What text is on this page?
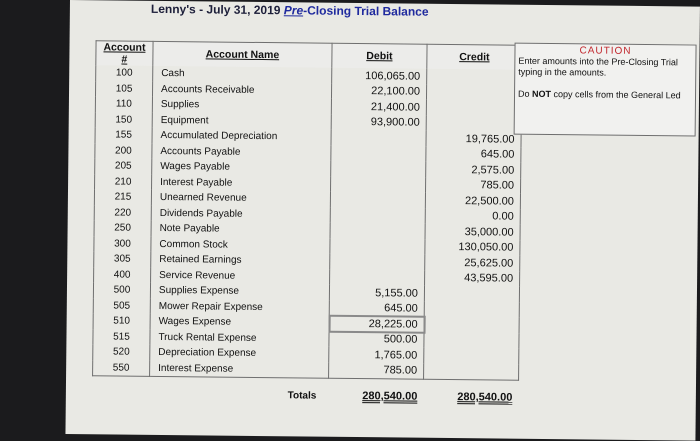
Lenny's - July 31, 2019 Pre-Closing Trial Balance
Account #	Account Name	Debit	Credit
100	Cash	106,065.00	
105	Accounts Receivable	22,100.00	
110	Supplies	21,400.00	
150	Equipment	93,900.00	
155	Accumulated Depreciation		19,765.00
200	Accounts Payable		645.00
205	Wages Payable		2,575.00
210	Interest Payable		785.00
215	Unearned Revenue		22,500.00
220	Dividends Payable		0.00
250	Note Payable		35,000.00
300	Common Stock		130,050.00
305	Retained Earnings		25,625.00
400	Service Revenue		43,595.00
500	Supplies Expense	5,155.00	
505	Mower Repair Expense	645.00	
510	Wages Expense	28,225.00	
515	Truck Rental Expense	500.00	
520	Depreciation Expense	1,765.00	
550	Interest Expense	785.00	

	Totals	280,540.00	280,540.00
CAUTION
Enter amounts into the Pre-Closing Trial
typing in the amounts.
Do NOT copy cells from the General Led
